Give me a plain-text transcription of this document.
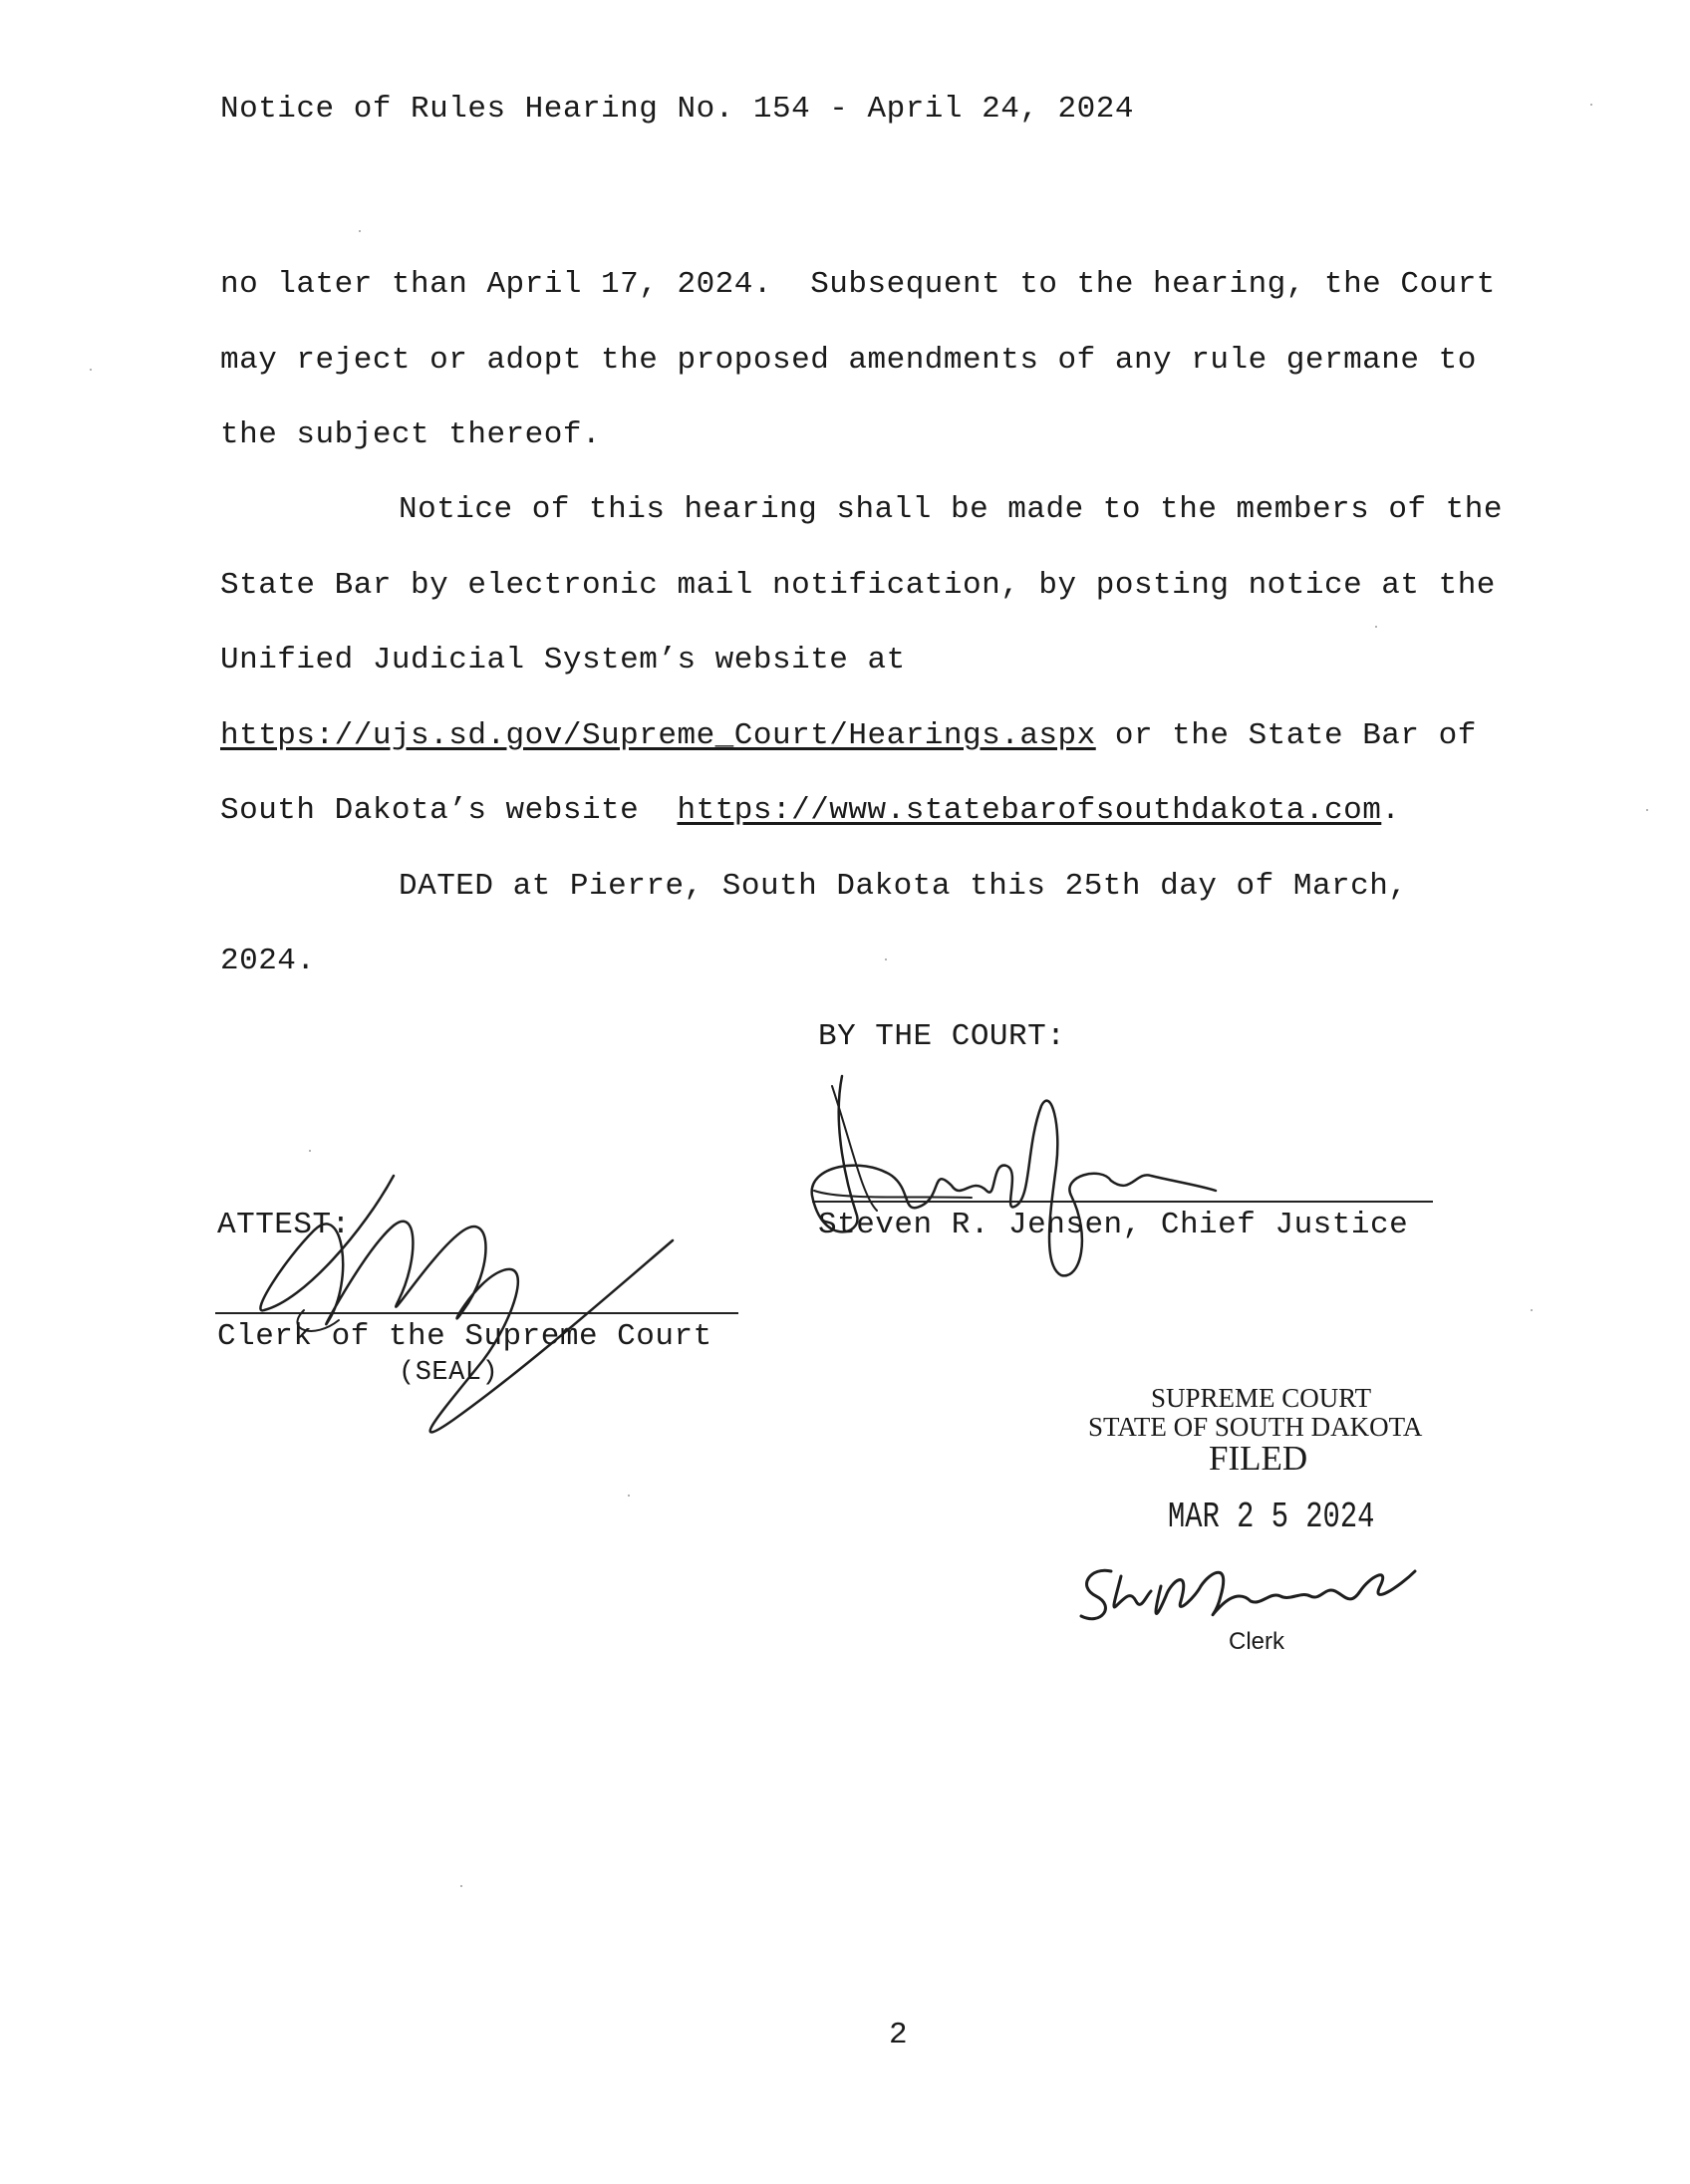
Notice of Rules Hearing No. 154 - April 24, 2024
no later than April 17, 2024.  Subsequent to the hearing, the Court
may reject or adopt the proposed amendments of any rule germane to
the subject thereof.
Notice of this hearing shall be made to the members of the
State Bar by electronic mail notification, by posting notice at the
Unified Judicial System’s website at
https://ujs.sd.gov/Supreme_Court/Hearings.aspx or the State Bar of
South Dakota’s website  https://www.statebarofsouthdakota.com.
DATED at Pierre, South Dakota this 25th day of March,
2024.
BY THE COURT:
Steven R. Jensen, Chief Justice
ATTEST:
Clerk of the Supreme Court
(SEAL)
SUPREME COURT
STATE OF SOUTH DAKOTA
FILED
MAR 2 5 2024
Clerk
2
